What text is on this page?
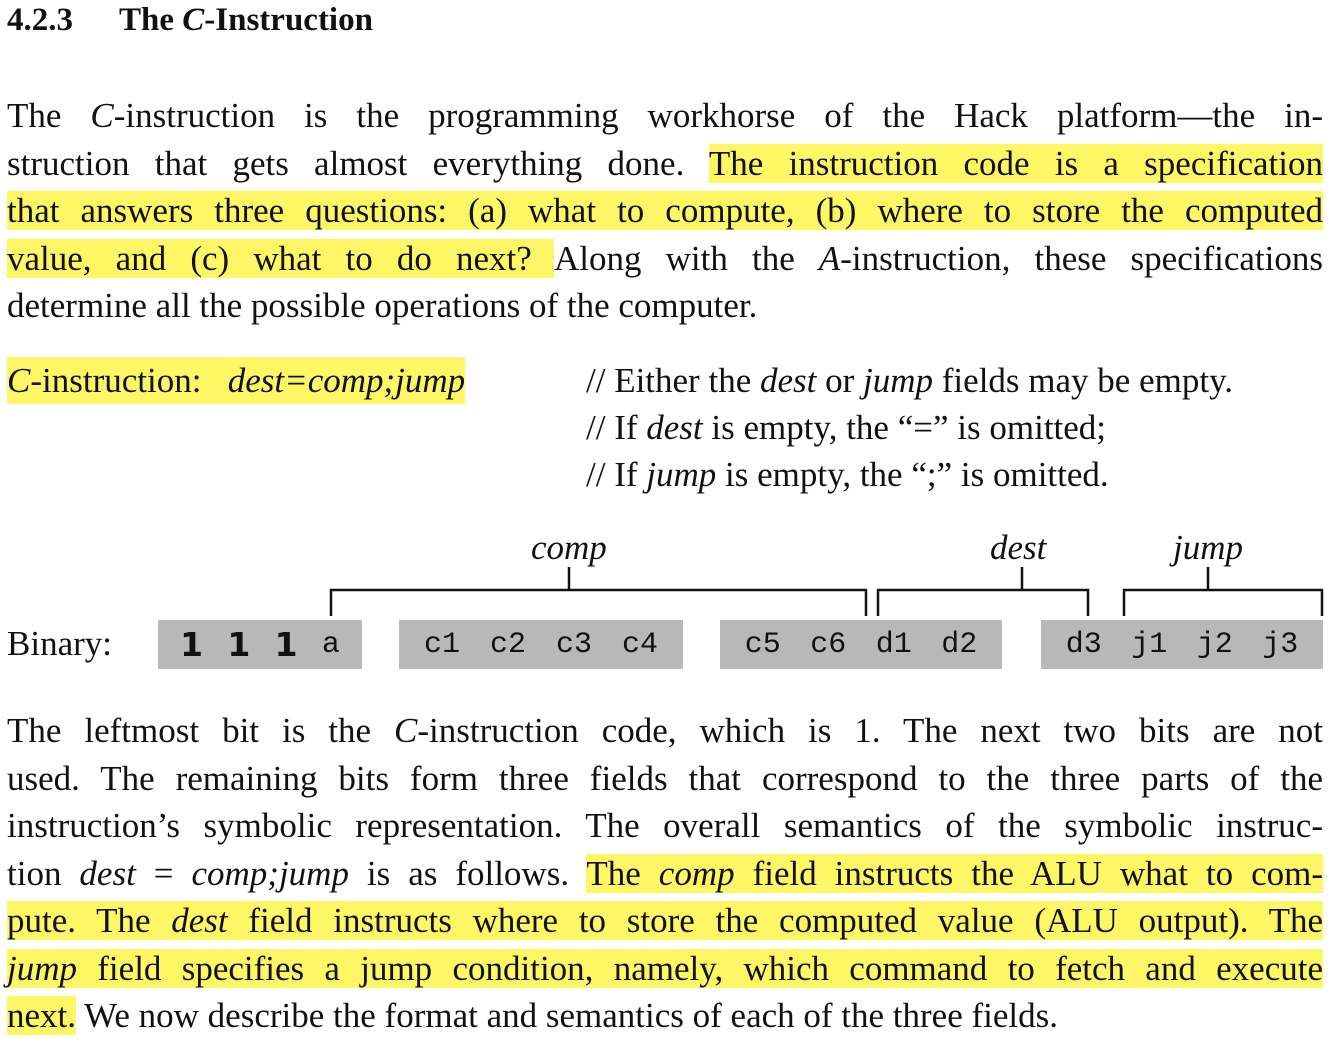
4.2.3 The C-Instruction
The C-instruction is the programming workhorse of the Hack platform—the in-
struction that gets almost everything done. The instruction code is a specification
that answers three questions: (a) what to compute, (b) where to store the computed
value, and (c) what to do next? Along with the A-instruction, these specifications
determine all the possible operations of the computer.
C-instruction: dest=comp;jump	// Either the dest or jump fields may be empty.
// If dest is empty, the “=” is omitted;
// If jump is empty, the “;” is omitted.
comp	dest	jump
Binary: 1 1 1 a	c1 c2 c3 c4	c5 c6 d1 d2	d3 j1 j2 j3
The leftmost bit is the C-instruction code, which is 1. The next two bits are not
used. The remaining bits form three fields that correspond to the three parts of the
instruction’s symbolic representation. The overall semantics of the symbolic instruc-
tion dest = comp;jump is as follows. The comp field instructs the ALU what to com-
pute. The dest field instructs where to store the computed value (ALU output). The
jump field specifies a jump condition, namely, which command to fetch and execute
next. We now describe the format and semantics of each of the three fields.
